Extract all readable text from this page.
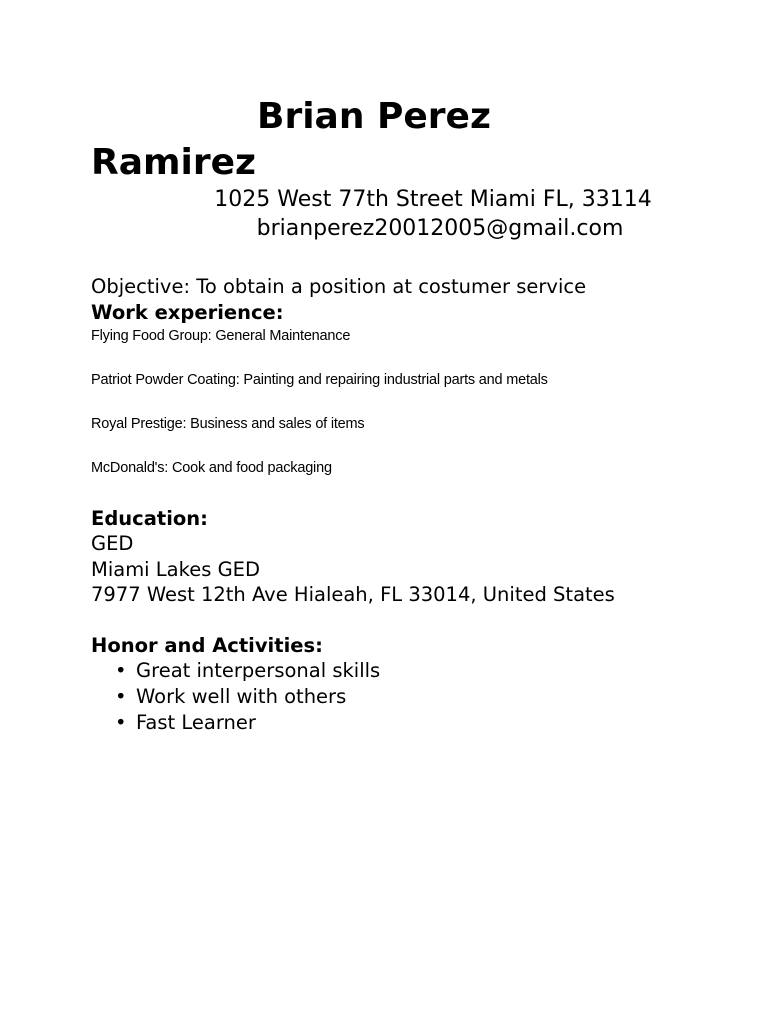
Brian Perez Ramirez

1025 West 77th Street Miami FL, 33114

brianperez20012005@gmail.com

Objective: To obtain a position at costumer service

Work experience:
Flying Food Group: General Maintenance
Patriot Powder Coating: Painting and repairing industrial parts and metals
Royal Prestige: Business and sales of items
McDonald's: Cook and food packaging
Education:
GED
Miami Lakes GED
7977 West 12th Ave Hialeah, FL 33014, United States
Honor and Activities:
• Great interpersonal skills
• Work well with others
• Fast Learner
